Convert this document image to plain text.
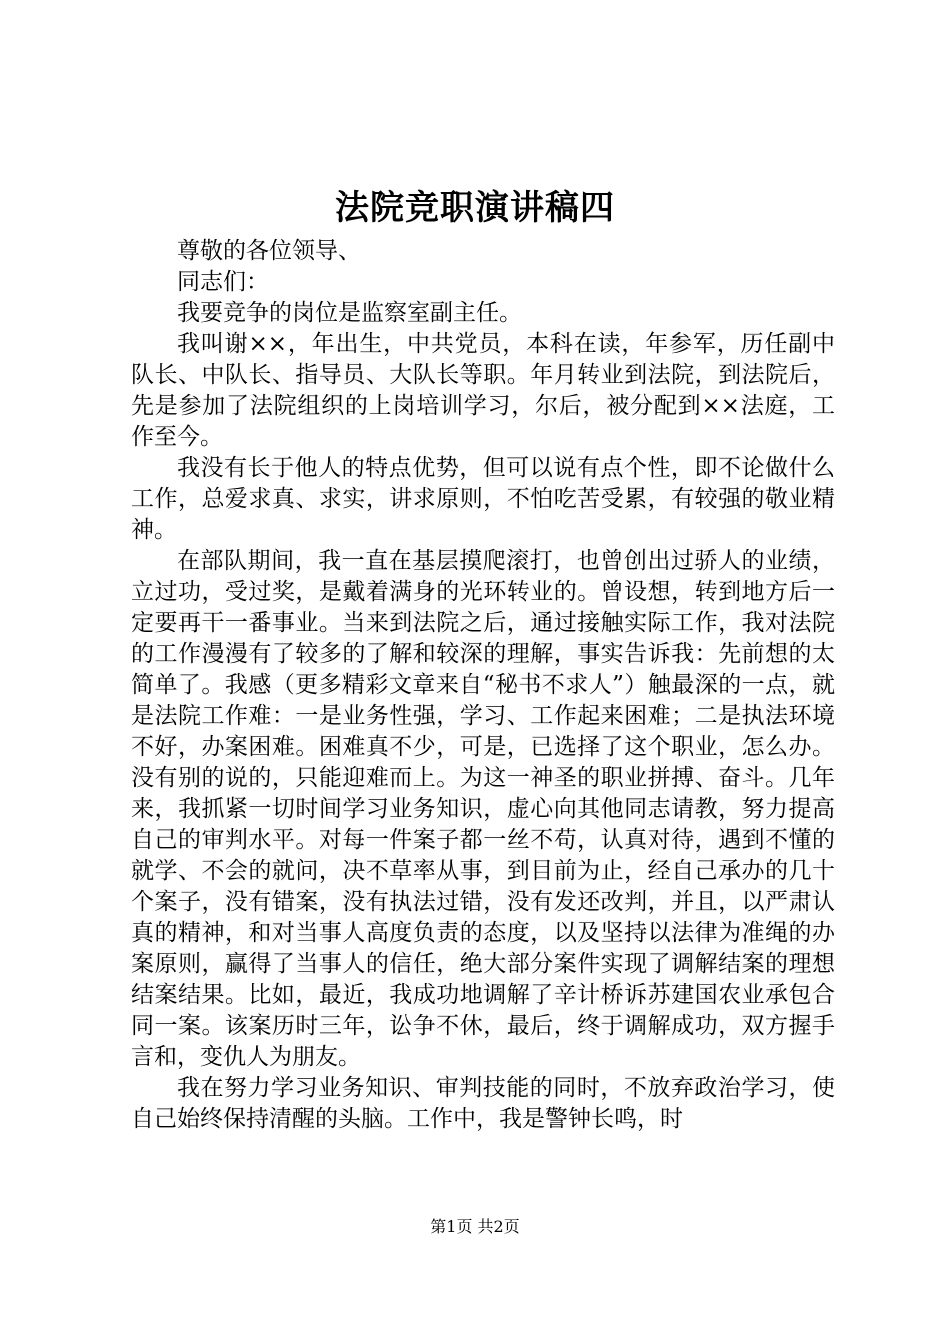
法院竞职演讲稿四

尊敬的各位领导、

同志们：

我要竞争的岗位是监察室副主任。

我叫谢××，年出生，中共党员，本科在读，年参军，历任副中队长、中队长、指导员、大队长等职。年月转业到法院，到法院后，先是参加了法院组织的上岗培训学习，尔后，被分配到××法庭，工作至今。

我没有长于他人的特点优势，但可以说有点个性，即不论做什么工作，总爱求真、求实，讲求原则，不怕吃苦受累，有较强的敬业精神。

在部队期间，我一直在基层摸爬滚打，也曾创出过骄人的业绩，立过功，受过奖，是戴着满身的光环转业的。曾设想，转到地方后一定要再干一番事业。当来到法院之后，通过接触实际工作，我对法院的工作漫漫有了较多的了解和较深的理解，事实告诉我：先前想的太简单了。我感（更多精彩文章来自“秘书不求人”）触最深的一点，就是法院工作难：一是业务性强，学习、工作起来困难；二是执法环境不好，办案困难。困难真不少，可是，已选择了这个职业，怎么办。没有别的说的，只能迎难而上。为这一神圣的职业拼搏、奋斗。几年来，我抓紧一切时间学习业务知识，虚心向其他同志请教，努力提高自己的审判水平。对每一件案子都一丝不苟，认真对待，遇到不懂的就学、不会的就问，决不草率从事，到目前为止，经自己承办的几十个案子，没有错案，没有执法过错，没有发还改判，并且，以严肃认真的精神，和对当事人高度负责的态度，以及坚持以法律为准绳的办案原则，赢得了当事人的信任，绝大部分案件实现了调解结案的理想结案结果。比如，最近，我成功地调解了辛计桥诉苏建国农业承包合同一案。该案历时三年，讼争不休，最后，终于调解成功，双方握手言和，变仇人为朋友。

我在努力学习业务知识、审判技能的同时，不放弃政治学习，使自己始终保持清醒的头脑。工作中，我是警钟长鸣，时

第1页 共2页
